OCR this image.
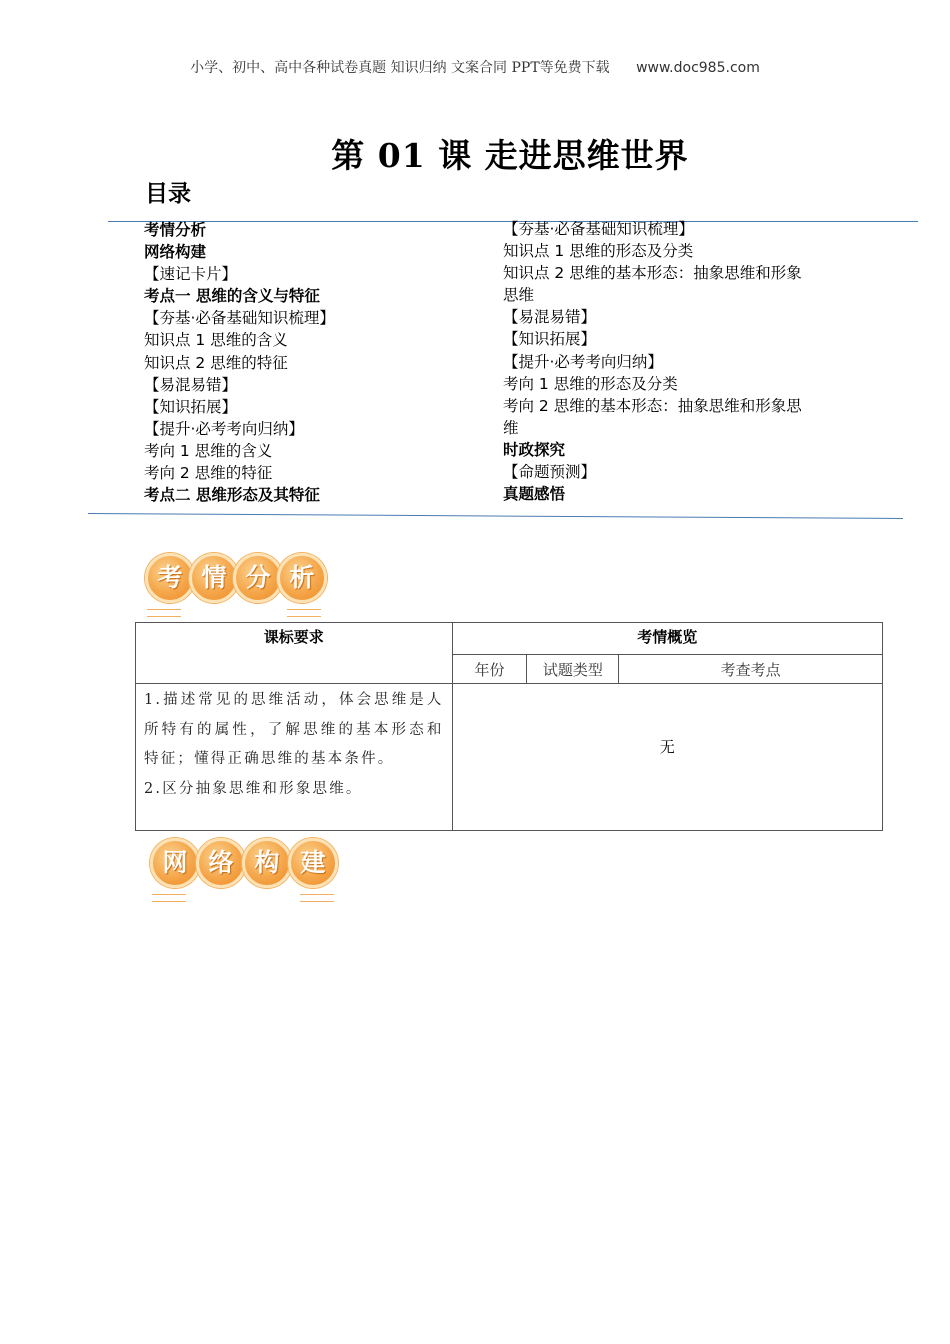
小学、初中、高中各种试卷真题 知识归纳 文案合同 PPT等免费下载 www.doc985.com
第 01 课 走进思维世界
目录
考情分析
网络构建
【速记卡片】
考点一 思维的含义与特征
【夯基·必备基础知识梳理】
知识点 1 思维的含义
知识点 2 思维的特征
【易混易错】
【知识拓展】
【提升·必考考向归纳】
考向 1 思维的含义
考向 2 思维的特征
考点二 思维形态及其特征
【夯基·必备基础知识梳理】
知识点 1 思维的形态及分类
知识点 2 思维的基本形态：抽象思维和形象思维
【易混易错】
【知识拓展】
【提升·必考考向归纳】
考向 1 思维的形态及分类
考向 2 思维的基本形态：抽象思维和形象思维
时政探究
【命题预测】
真题感悟
考 情 分 析
课标要求	考情概览		
	年份	试题类型	考查考点

1.描述常见的思维活动，体会思维是人所特有的属性，了解思维的基本形态和特征；懂得正确思维的基本条件。
2.区分抽象思维和形象思维。	无		
网 络 构 建
